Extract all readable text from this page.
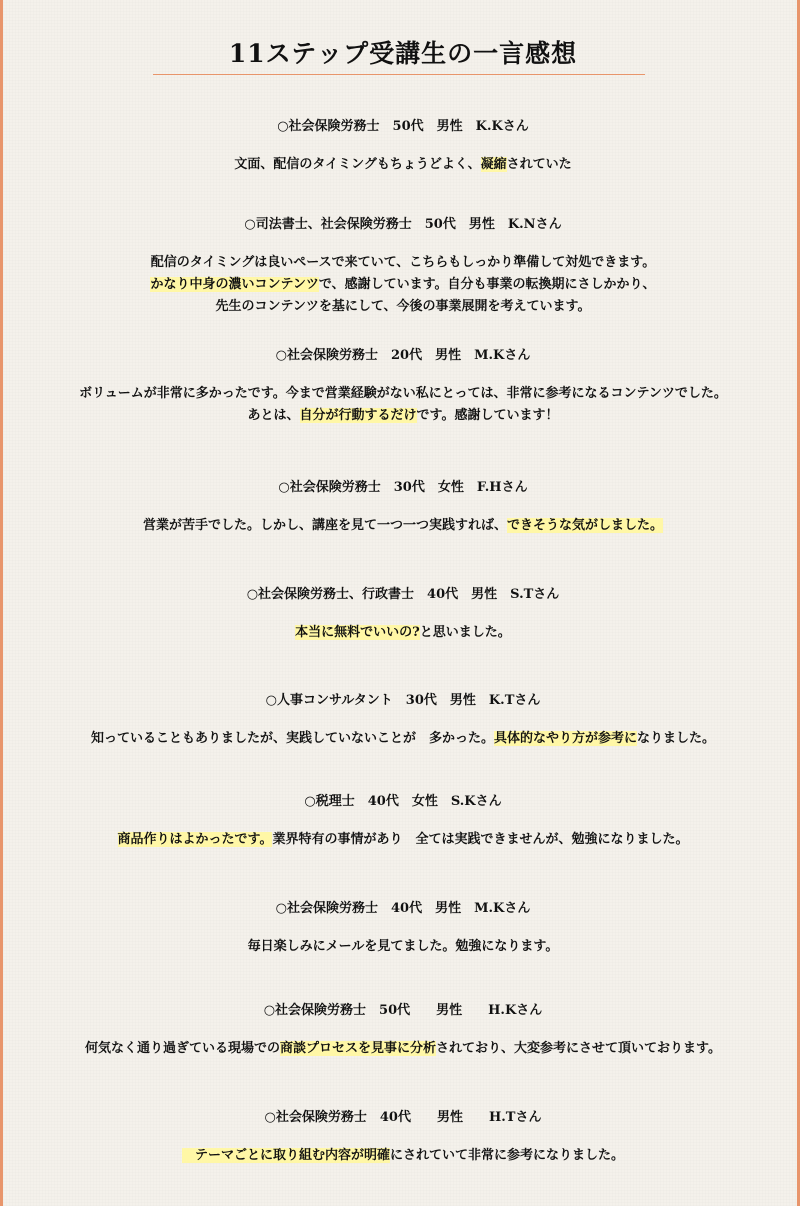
11ステップ受講生の一言感想
○社会保険労務士　50代　男性　K.Kさん
文面、配信のタイミングもちょうどよく、凝縮されていた
○司法書士、社会保険労務士　50代　男性　K.Nさん
配信のタイミングは良いペースで来ていて、こちらもしっかり準備して対処できます。
かなり中身の濃いコンテンツで、感謝しています。自分も事業の転換期にさしかかり、
先生のコンテンツを基にして、今後の事業展開を考えています。
○社会保険労務士　20代　男性　M.Kさん
ボリュームが非常に多かったです。今まで営業経験がない私にとっては、非常に参考になるコンテンツでした。
あとは、自分が行動するだけです。感謝しています！
○社会保険労務士　30代　女性　F.Hさん
営業が苦手でした。しかし、講座を見て一つ一つ実践すれば、できそうな気がしました。
○社会保険労務士、行政書士　40代　男性　S.Tさん
本当に無料でいいの?と思いました。
○人事コンサルタント　30代　男性　K.Tさん
知っていることもありましたが、実践していないことが　多かった。具体的なやり方が参考になりました。
○税理士　40代　女性　S.Kさん
商品作りはよかったです。業界特有の事情があり　全ては実践できませんが、勉強になりました。
○社会保険労務士　40代　男性　M.Kさん
毎日楽しみにメールを見てました。勉強になります。
○社会保険労務士　50代　　男性　　H.Kさん
何気なく通り過ぎている現場での商談プロセスを見事に分析されており、大変参考にさせて頂いております。
○社会保険労務士　40代　　男性　　H.Tさん
　テーマごとに取り組む内容が明確にされていて非常に参考になりました。
